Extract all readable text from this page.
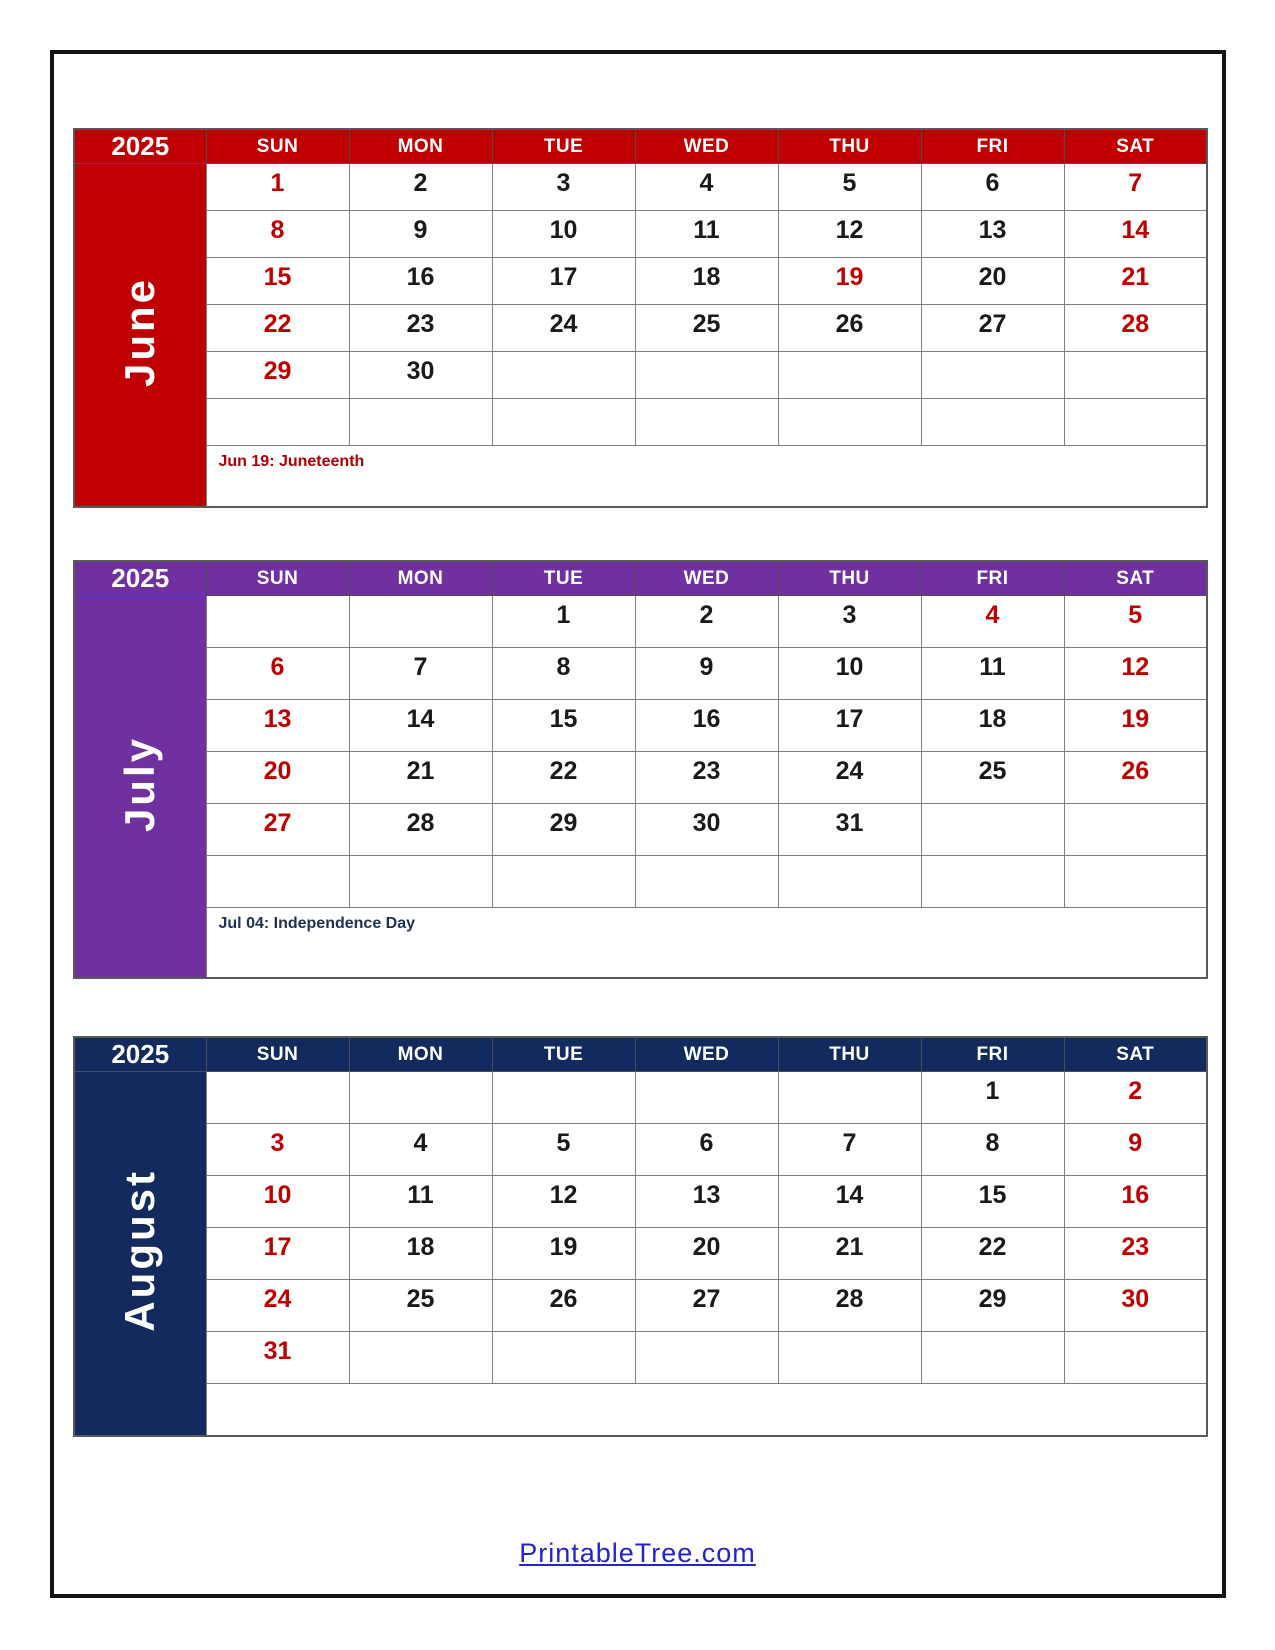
2025	SUN	MON	TUE	WED	THU	FRI	SAT
June	1	2	3	4	5	6	7
	8	9	10	11	12	13	14
	15	16	17	18	19	20	21
	22	23	24	25	26	27	28
	29	30					

	Jun 19: Juneteenth						
2025	SUN	MON	TUE	WED	THU	FRI	SAT
July			1	2	3	4	5
	6	7	8	9	10	11	12
	13	14	15	16	17	18	19
	20	21	22	23	24	25	26
	27	28	29	30	31		

	Jul 04: Independence Day						
2025	SUN	MON	TUE	WED	THU	FRI	SAT
August						1	2
	3	4	5	6	7	8	9
	10	11	12	13	14	15	16
	17	18	19	20	21	22	23
	24	25	26	27	28	29	30
	31						

PrintableTree.com
